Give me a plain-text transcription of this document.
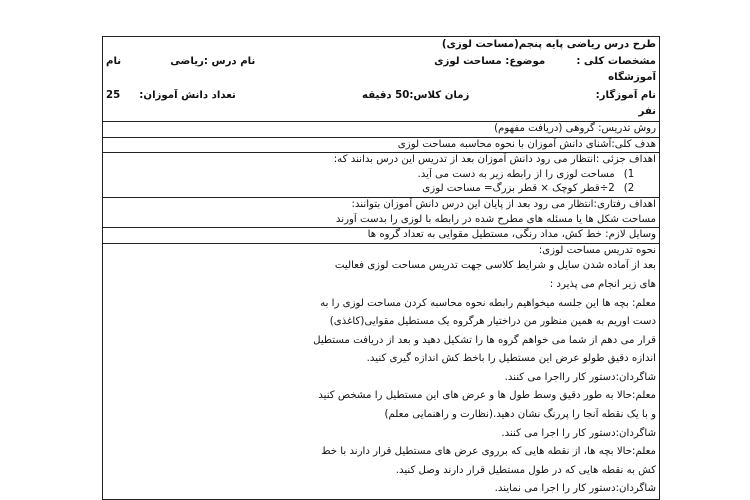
طرح درس ریاضی پایه پنجم(مساحت لوزی)
مشخصات کلی :  موضوع: مساحت لوزی
نام درس :ریاضی  نام
آموزشگاه
نام آموزگار:
زمان کلاس:50 دقیقه
تعداد دانش آموزان:  25
نفر
روش تدریس: گروهی (دریافت مفهوم)
هدف کلی:آشنای دانش آموزان با نحوه محاسبه مساحت لوزی
اهداف جزئی :انتظار می رود دانش آموزان بعد از تدریس این درس بدانند که:
1) مساحت لوزی را از رابطه زیر به دست می آید.
2) 2÷قطر کوچک × قطر بزرگ= مساحت لوزی
اهداف رفتاری:انتظار می رود بعد از پایان این درس دانش آموزان بتوانند:
مساحت شکل ها یا مسئله های مطرح شده در رابطه با لوزی را بدست آورند
وسایل لازم: خط کش، مداد رنگی، مستطیل مقوایی به تعداد گروه ها
نحوه تدریس مساحت لوزی:
بعد از آماده شدن سایل و شرایط کلاسی جهت تدریس مساحت لوزی فعالیت
های زیر انجام می پذیرد :
معلم: بچه ها این جلسه میخواهیم رابطه نحوه محاسبه کردن مساحت لوزی را به
دست اوریم به همین منظور من دراختیار هرگروه یک مستطیل مقوایی(کاغذی)
قرار می دهم از شما می خواهم گروه ها را تشکیل دهید و بعد از دریافت مستطیل
اندازه دقیق طولو عرض این مستطیل را باخط کش اندازه گیری کنید.
شاگردان:دستور کار رااجرا می کنند.
معلم:حالا به طور دقیق وسط طول ها و عرض های این مستطیل را مشخص کنید
و با یک نقطه آنجا را پررنگ نشان دهید.(نظارت و راهنمایی معلم)
شاگردان:دستور کار را اجرا می کنند.
معلم:حالا بچه ها، از نقطه هایی که برروی عرض های مستطیل قرار دارند با خط
کش به نقطه هایی که در طول مستطیل قرار دارند وصل کنید.
شاگردان:دستور کار را اجرا می نمایند.
